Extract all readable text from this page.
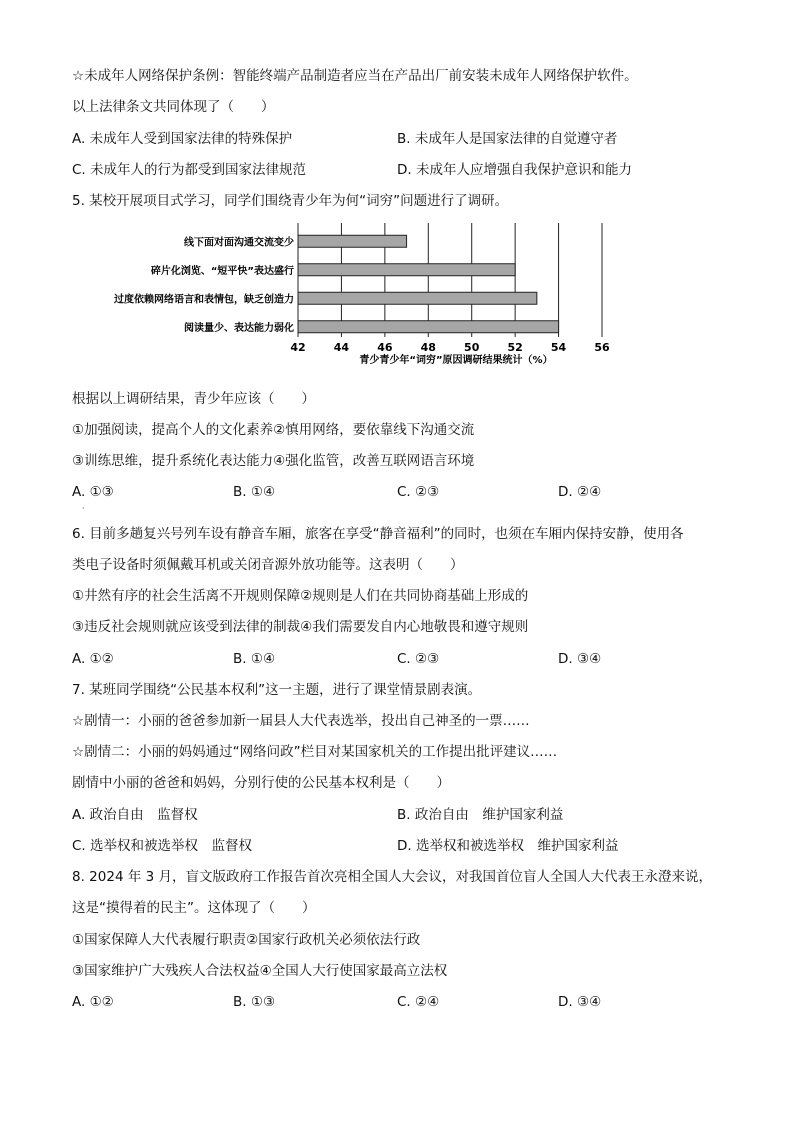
☆未成年人网络保护条例：智能终端产品制造者应当在产品出厂前安装未成年人网络保护软件。
以上法律条文共同体现了（　　）
A. 未成年人受到国家法律的特殊保护	B. 未成年人是国家法律的自觉遵守者
C. 未成年人的行为都受到国家法律规范	D. 未成年人应增强自我保护意识和能力
5. 某校开展项目式学习，同学们围绕青少年为何“词穷”问题进行了调研。
线下面对面沟通交流变少
碎片化浏览、“短平快”表达盛行
过度依赖网络语言和表情包，缺乏创造力
阅读量少、表达能力弱化
42	44	46	48	50	52	54	56
青少青少年“词穷”原因调研结果统计（%）
根据以上调研结果，青少年应该（　　）
①加强阅读，提高个人的文化素养②慎用网络，要依靠线下沟通交流
③训练思维，提升系统化表达能力④强化监管，改善互联网语言环境
A. ①③	B. ①④	C. ②③	D. ②④
·
6. 目前多趟复兴号列车设有静音车厢，旅客在享受“静音福利”的同时，也须在车厢内保持安静，使用各
类电子设备时须佩戴耳机或关闭音源外放功能等。这表明（　　）
①井然有序的社会生活离不开规则保障②规则是人们在共同协商基础上形成的
③违反社会规则就应该受到法律的制裁④我们需要发自内心地敬畏和遵守规则
A. ①②	B. ①④	C. ②③	D. ③④
7. 某班同学围绕“公民基本权利”这一主题，进行了课堂情景剧表演。
☆剧情一：小丽的爸爸参加新一届县人大代表选举，投出自己神圣的一票……
☆剧情二：小丽的妈妈通过“网络问政”栏目对某国家机关的工作提出批评建议……
剧情中小丽的爸爸和妈妈，分别行使的公民基本权利是（　　）
A. 政治自由　监督权	B. 政治自由　维护国家利益
C. 选举权和被选举权　监督权	D. 选举权和被选举权　维护国家利益
8. 2024 年 3 月，盲文版政府工作报告首次亮相全国人大会议，对我国首位盲人全国人大代表王永澄来说，
这是“摸得着的民主”。这体现了（　　）
①国家保障人大代表履行职责②国家行政机关必须依法行政
③国家维护广大残疾人合法权益④全国人大行使国家最高立法权
A. ①②	B. ①③	C. ②④	D. ③④
